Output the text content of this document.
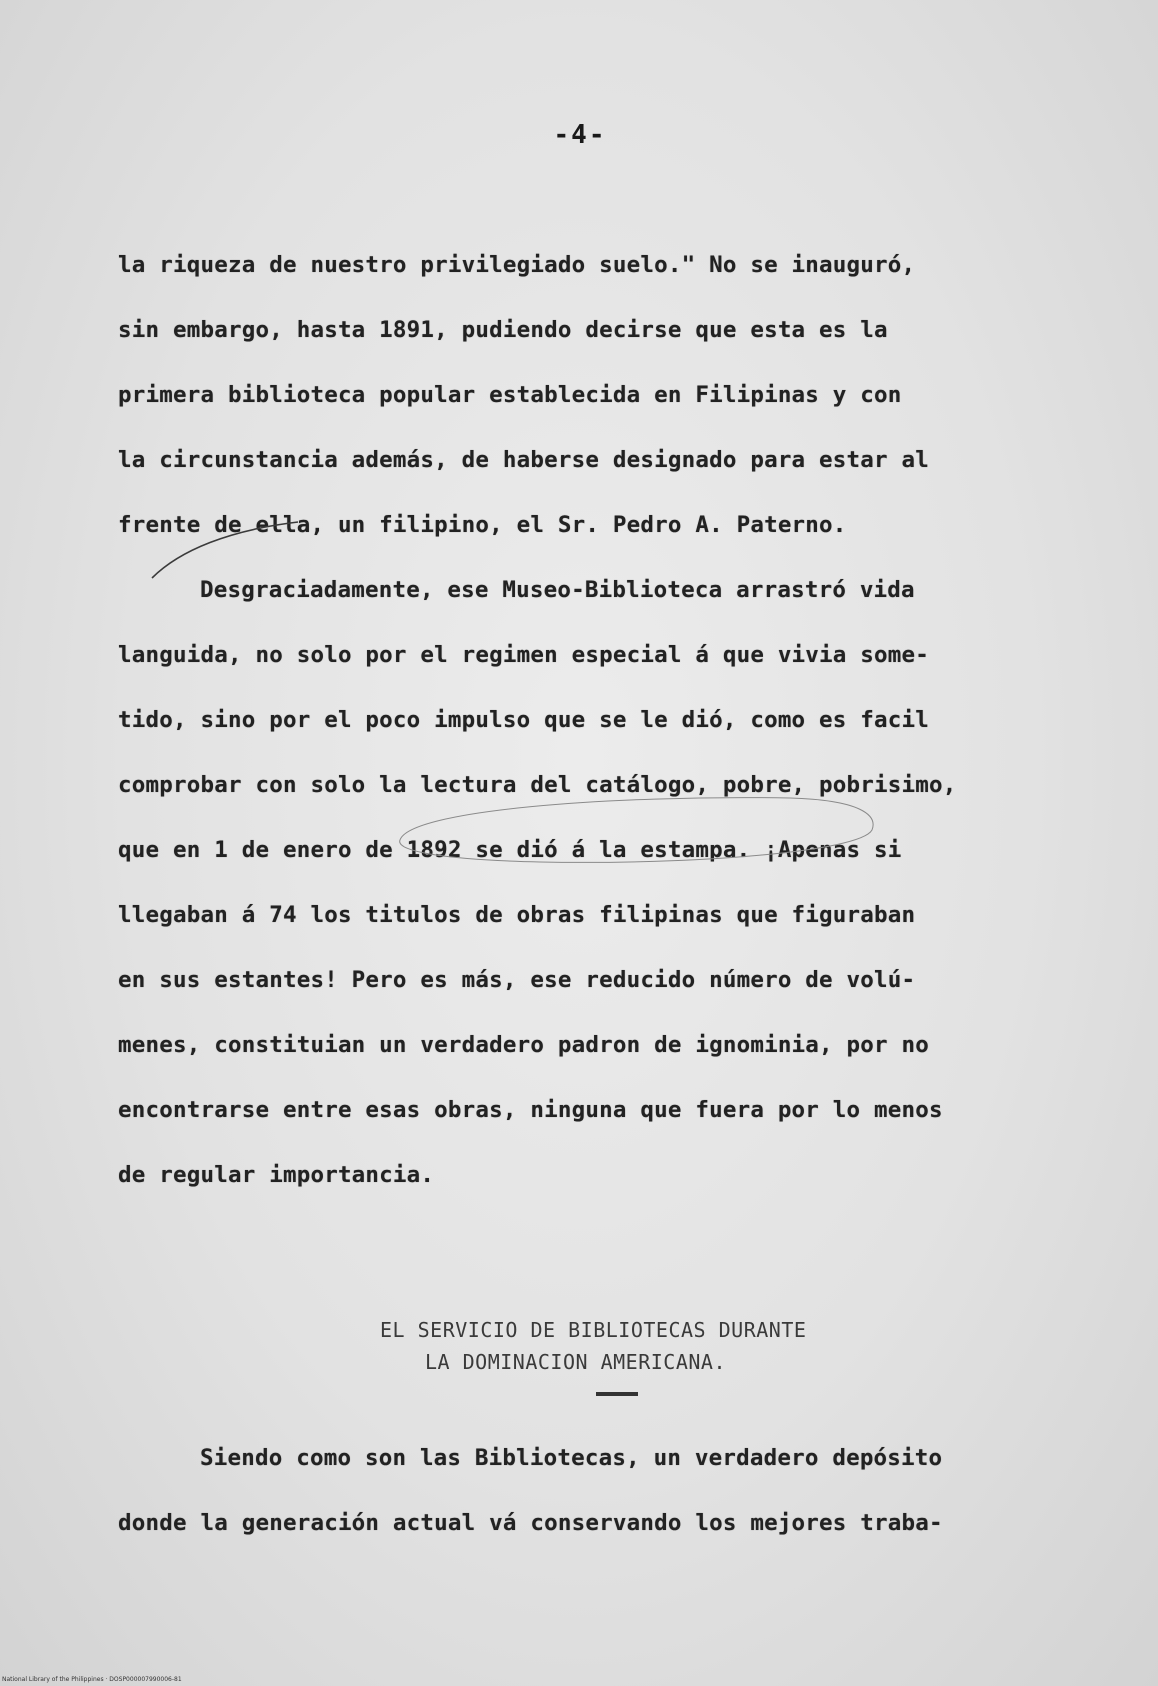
-4-
la riqueza de nuestro privilegiado suelo." No se inauguró,
sin embargo, hasta 1891, pudiendo decirse que esta es la
primera biblioteca popular establecida en Filipinas y con
la circunstancia además, de haberse designado para estar al
frente de ella, un filipino, el Sr. Pedro A. Paterno.
Desgraciadamente, ese Museo-Biblioteca arrastró vida
languida, no solo por el regimen especial á que vivia some-
tido, sino por el poco impulso que se le dió, como es facil
comprobar con solo la lectura del catálogo, pobre, pobrisimo,
que en 1 de enero de 1892 se dió á la estampa. ¡Apenas si
llegaban á 74 los titulos de obras filipinas que figuraban
en sus estantes! Pero es más, ese reducido número de volú-
menes, constituian un verdadero padron de ignominia, por no
encontrarse entre esas obras, ninguna que fuera por lo menos
de regular importancia.
EL SERVICIO DE BIBLIOTECAS DURANTE
LA DOMINACION AMERICANA.
Siendo como son las Bibliotecas, un verdadero depósito
donde la generación actual vá conservando los mejores traba-
National Library of the Philippines · DOSP000007990006-81
